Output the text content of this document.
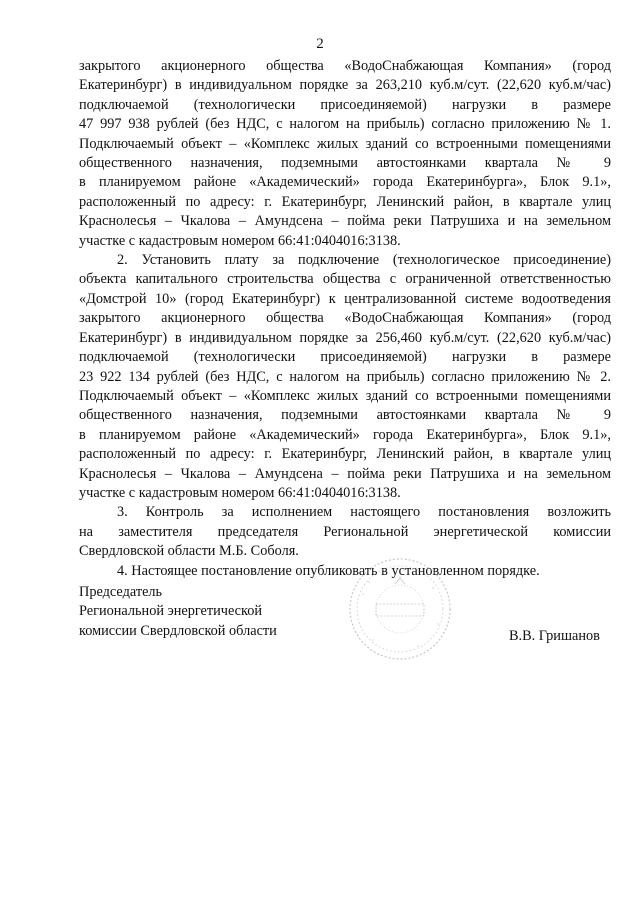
2

закрытого акционерного общества «ВодоСнабжающая Компания» (город
Екатеринбург) в индивидуальном порядке за 263,210 куб.м/сут. (22,620 куб.м/час)
подключаемой (технологически присоединяемой) нагрузки в размере
47 997 938 рублей (без НДС, с налогом на прибыль) согласно приложению № 1.
Подключаемый объект – «Комплекс жилых зданий со встроенными помещениями
общественного назначения, подземными автостоянками квартала № 9
в планируемом районе «Академический» города Екатеринбурга», Блок 9.1»,
расположенный по адресу: г. Екатеринбург, Ленинский район, в квартале улиц
Краснолесья – Чкалова – Амундсена – пойма реки Патрушиха и на земельном
участке с кадастровым номером 66:41:0404016:3138.

2. Установить плату за подключение (технологическое присоединение)
объекта капитального строительства общества с ограниченной ответственностью
«Домстрой 10» (город Екатеринбург) к централизованной системе водоотведения
закрытого акционерного общества «ВодоСнабжающая Компания» (город
Екатеринбург) в индивидуальном порядке за 256,460 куб.м/сут. (22,620 куб.м/час)
подключаемой (технологически присоединяемой) нагрузки в размере
23 922 134 рублей (без НДС, с налогом на прибыль) согласно приложению № 2.
Подключаемый объект – «Комплекс жилых зданий со встроенными помещениями
общественного назначения, подземными автостоянками квартала № 9
в планируемом районе «Академический» города Екатеринбурга», Блок 9.1»,
расположенный по адресу: г. Екатеринбург, Ленинский район, в квартале улиц
Краснолесья – Чкалова – Амундсена – пойма реки Патрушиха и на земельном
участке с кадастровым номером 66:41:0404016:3138.

3. Контроль за исполнением настоящего постановления возложить
на заместителя председателя Региональной энергетической комиссии
Свердловской области М.Б. Соболя.

4. Настоящее постановление опубликовать в установленном порядке.

Председатель
Региональной энергетической
комиссии Свердловской области	В.В. Гришанов
